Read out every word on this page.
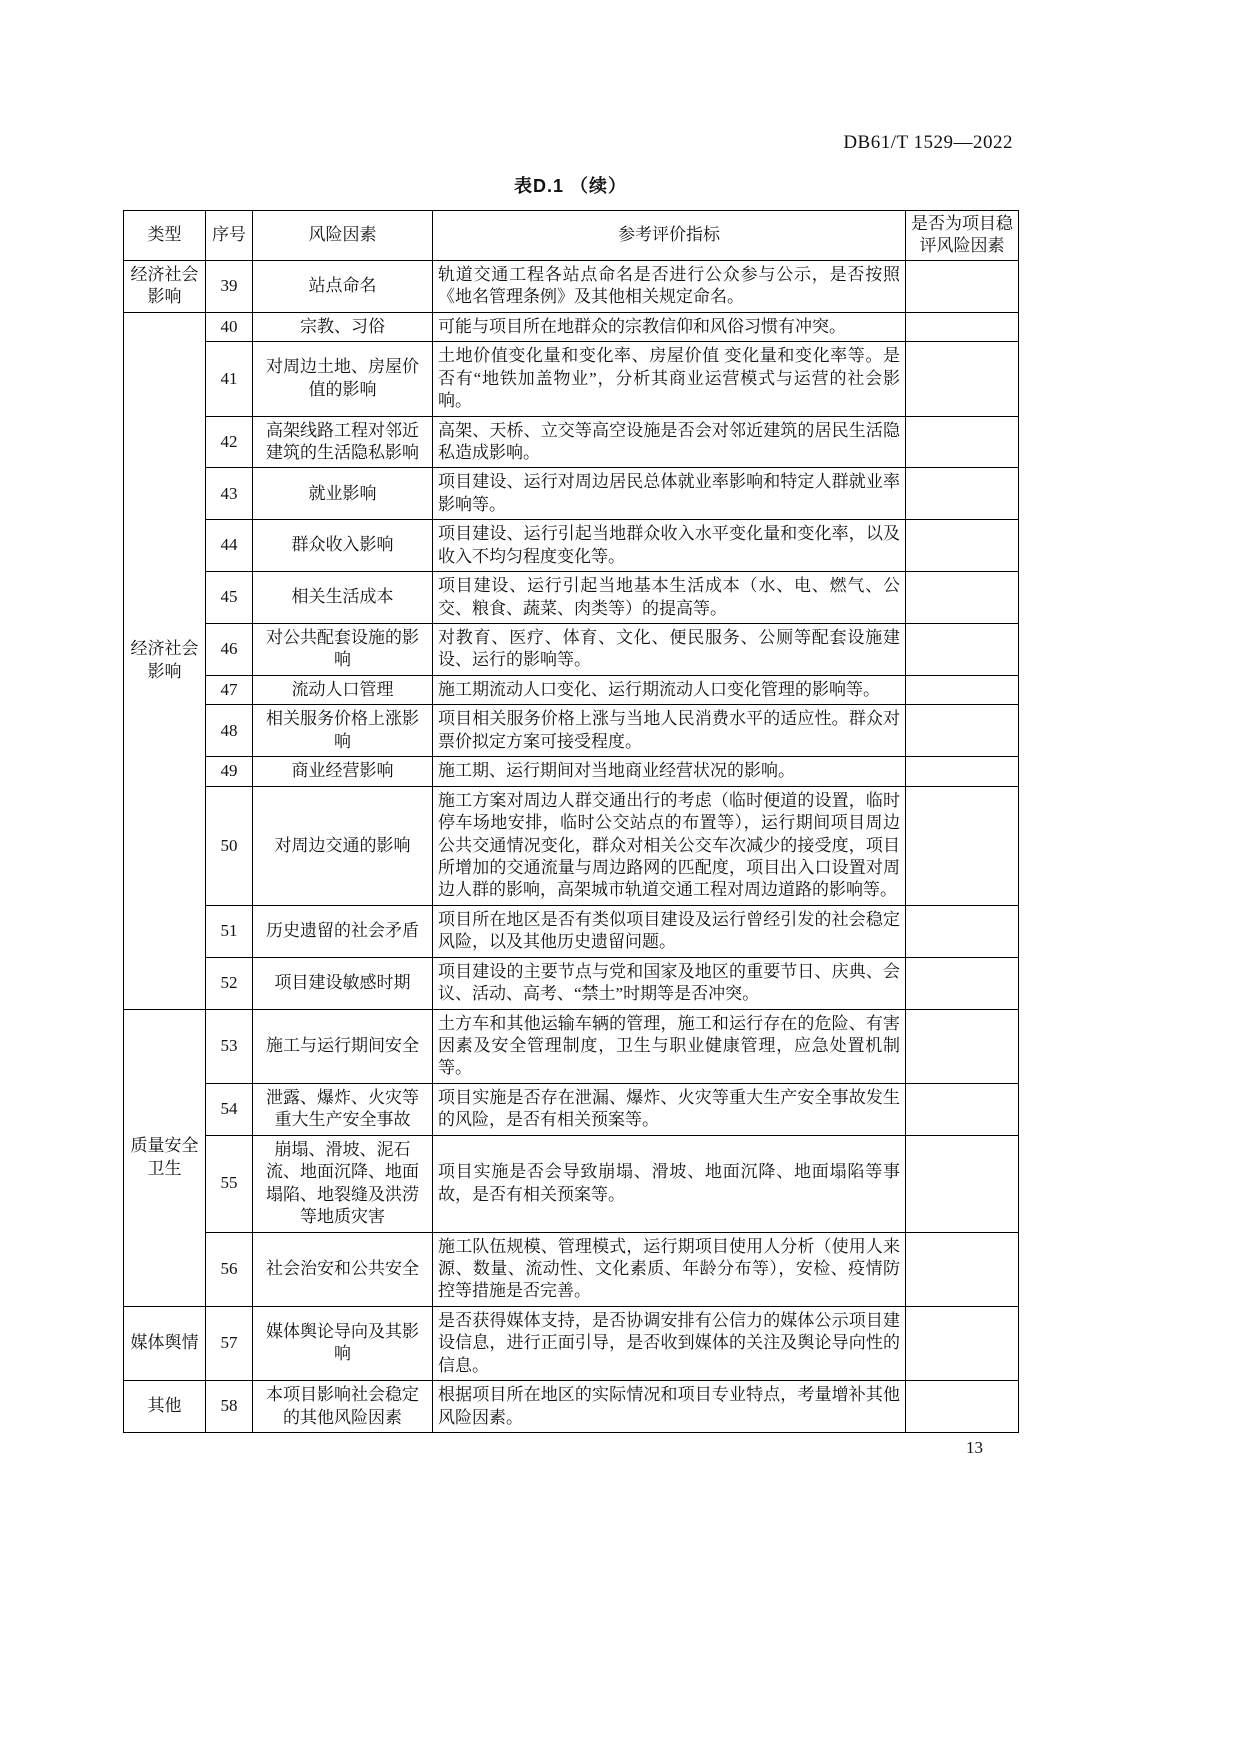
DB61/T 1529—2022
表D.1 （续）
类型	序号	风险因素	参考评价指标	是否为项目稳评风险因素
经济社会影响	39	站点命名	轨道交通工程各站点命名是否进行公众参与公示，是否按照《地名管理条例》及其他相关规定命名。	
经济社会影响	40	宗教、习俗	可能与项目所在地群众的宗教信仰和风俗习惯有冲突。	
	41	对周边土地、房屋价值的影响	土地价值变化量和变化率、房屋价值 变化量和变化率等。是否有“地铁加盖物业”，分析其商业运营模式与运营的社会影响。	
	42	高架线路工程对邻近建筑的生活隐私影响	高架、天桥、立交等高空设施是否会对邻近建筑的居民生活隐私造成影响。	
	43	就业影响	项目建设、运行对周边居民总体就业率影响和特定人群就业率影响等。	
	44	群众收入影响	项目建设、运行引起当地群众收入水平变化量和变化率，以及收入不均匀程度变化等。	
	45	相关生活成本	项目建设、运行引起当地基本生活成本（水、电、燃气、公交、粮食、蔬菜、肉类等）的提高等。	
	46	对公共配套设施的影响	对教育、医疗、体育、文化、便民服务、公厕等配套设施建设、运行的影响等。	
	47	流动人口管理	施工期流动人口变化、运行期流动人口变化管理的影响等。	
	48	相关服务价格上涨影响	项目相关服务价格上涨与当地人民消费水平的适应性。群众对票价拟定方案可接受程度。	
	49	商业经营影响	施工期、运行期间对当地商业经营状况的影响。	
	50	对周边交通的影响	施工方案对周边人群交通出行的考虑（临时便道的设置，临时停车场地安排，临时公交站点的布置等），运行期间项目周边公共交通情况变化，群众对相关公交车次减少的接受度，项目所增加的交通流量与周边路网的匹配度，项目出入口设置对周边人群的影响，高架城市轨道交通工程对周边道路的影响等。	
	51	历史遗留的社会矛盾	项目所在地区是否有类似项目建设及运行曾经引发的社会稳定风险，以及其他历史遗留问题。	
	52	项目建设敏感时期	项目建设的主要节点与党和国家及地区的重要节日、庆典、会议、活动、高考、“禁土”时期等是否冲突。	
质量安全卫生	53	施工与运行期间安全	土方车和其他运输车辆的管理，施工和运行存在的危险、有害因素及安全管理制度，卫生与职业健康管理，应急处置机制等。	
	54	泄露、爆炸、火灾等重大生产安全事故	项目实施是否存在泄漏、爆炸、火灾等重大生产安全事故发生的风险，是否有相关预案等。	
	55	崩塌、滑坡、泥石流、地面沉降、地面塌陷、地裂缝及洪涝等地质灾害	项目实施是否会导致崩塌、滑坡、地面沉降、地面塌陷等事故，是否有相关预案等。	
	56	社会治安和公共安全	施工队伍规模、管理模式，运行期项目使用人分析（使用人来源、数量、流动性、文化素质、年龄分布等），安检、疫情防控等措施是否完善。	
媒体舆情	57	媒体舆论导向及其影响	是否获得媒体支持，是否协调安排有公信力的媒体公示项目建设信息，进行正面引导，是否收到媒体的关注及舆论导向性的信息。	
其他	58	本项目影响社会稳定的其他风险因素	根据项目所在地区的实际情况和项目专业特点，考量增补其他风险因素。	
13
